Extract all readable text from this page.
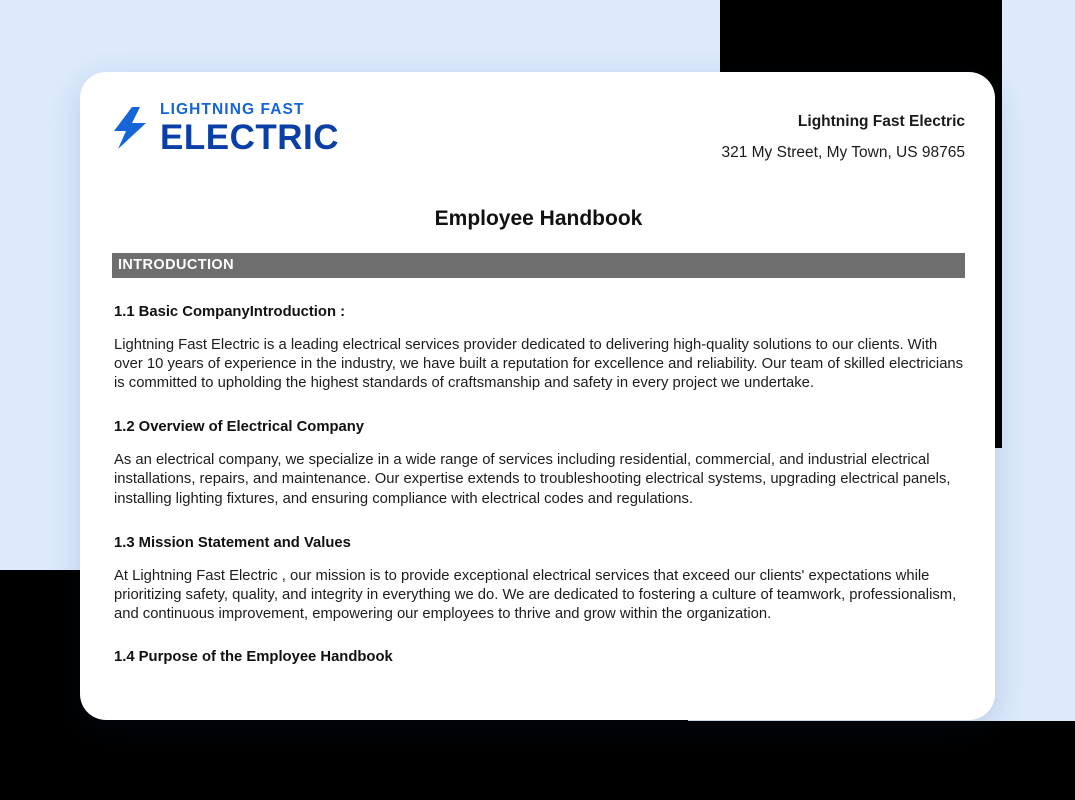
LIGHTNING FAST
ELECTRIC	Lightning Fast Electric
321 My Street, My Town, US 98765
Employee Handbook
INTRODUCTION
1.1 Basic CompanyIntroduction :
Lightning Fast Electric is a leading electrical services provider dedicated to delivering high-quality solutions to our clients. With over 10 years of experience in the industry, we have built a reputation for excellence and reliability. Our team of skilled electricians is committed to upholding the highest standards of craftsmanship and safety in every project we undertake.
1.2 Overview of Electrical Company
As an electrical company, we specialize in a wide range of services including residential, commercial, and industrial electrical installations, repairs, and maintenance. Our expertise extends to troubleshooting electrical systems, upgrading electrical panels, installing lighting fixtures, and ensuring compliance with electrical codes and regulations.
1.3 Mission Statement and Values
At Lightning Fast Electric , our mission is to provide exceptional electrical services that exceed our clients' expectations while prioritizing safety, quality, and integrity in everything we do. We are dedicated to fostering a culture of teamwork, professionalism, and continuous improvement, empowering our employees to thrive and grow within the organization.
1.4 Purpose of the Employee Handbook
